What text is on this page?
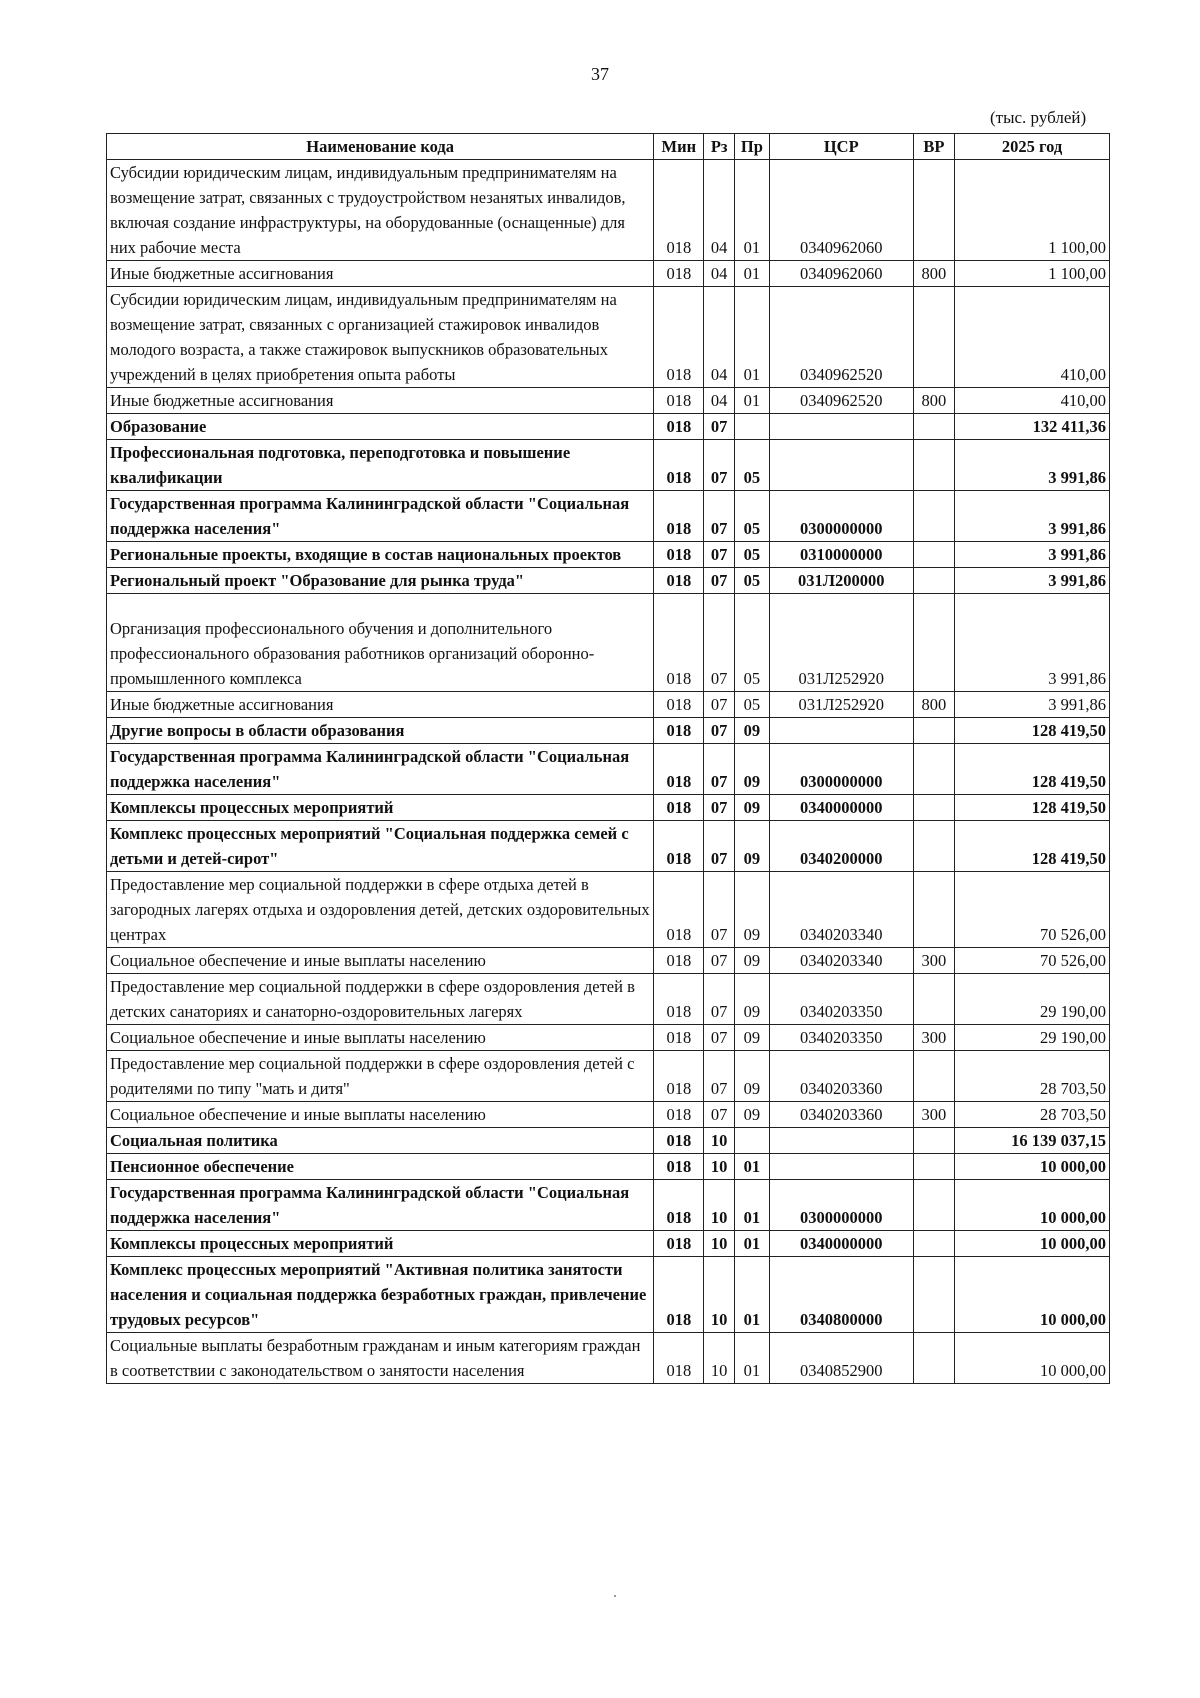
37
(тыс. рублей)
Наименование кода	Мин	Рз	Пр	ЦСР	ВР	2025 год
Субсидии юридическим лицам, индивидуальным предпринимателям на возмещение затрат, связанных с трудоустройством незанятых инвалидов, включая создание инфраструктуры, на оборудованные (оснащенные) для них рабочие места	018	04	01	0340962060		1 100,00
Иные бюджетные ассигнования	018	04	01	0340962060	800	1 100,00
Субсидии юридическим лицам, индивидуальным предпринимателям на возмещение затрат, связанных с организацией стажировок инвалидов молодого возраста, а также стажировок выпускников образовательных учреждений в целях приобретения опыта работы	018	04	01	0340962520		410,00
Иные бюджетные ассигнования	018	04	01	0340962520	800	410,00
Образование	018	07				132 411,36
Профессиональная подготовка, переподготовка и повышение квалификации	018	07	05			3 991,86
Государственная программа Калининградской области "Социальная поддержка населения"	018	07	05	0300000000		3 991,86
Региональные проекты, входящие в состав национальных проектов	018	07	05	0310000000		3 991,86
Региональный проект "Образование для рынка труда"	018	07	05	031Л200000		3 991,86
Организация профессионального обучения и дополнительного профессионального образования работников организаций оборонно-промышленного комплекса	018	07	05	031Л252920		3 991,86
Иные бюджетные ассигнования	018	07	05	031Л252920	800	3 991,86
Другие вопросы в области образования	018	07	09			128 419,50
Государственная программа Калининградской области "Социальная поддержка населения"	018	07	09	0300000000		128 419,50
Комплексы процессных мероприятий	018	07	09	0340000000		128 419,50
Комплекс процессных мероприятий "Социальная поддержка семей с детьми и детей-сирот"	018	07	09	0340200000		128 419,50
Предоставление мер социальной поддержки в сфере отдыха детей в загородных лагерях отдыха и оздоровления детей, детских оздоровительных центрах	018	07	09	0340203340		70 526,00
Социальное обеспечение и иные выплаты населению	018	07	09	0340203340	300	70 526,00
Предоставление мер социальной поддержки в сфере оздоровления детей в детских санаториях и санаторно-оздоровительных лагерях	018	07	09	0340203350		29 190,00
Социальное обеспечение и иные выплаты населению	018	07	09	0340203350	300	29 190,00
Предоставление мер социальной поддержки в сфере оздоровления детей с родителями по типу "мать и дитя"	018	07	09	0340203360		28 703,50
Социальное обеспечение и иные выплаты населению	018	07	09	0340203360	300	28 703,50
Социальная политика	018	10				16 139 037,15
Пенсионное обеспечение	018	10	01			10 000,00
Государственная программа Калининградской области "Социальная поддержка населения"	018	10	01	0300000000		10 000,00
Комплексы процессных мероприятий	018	10	01	0340000000		10 000,00
Комплекс процессных мероприятий "Активная политика занятости населения и социальная поддержка безработных граждан, привлечение трудовых ресурсов"	018	10	01	0340800000		10 000,00
Социальные выплаты безработным гражданам и иным категориям граждан в соответствии с законодательством о занятости населения	018	10	01	0340852900		10 000,00
